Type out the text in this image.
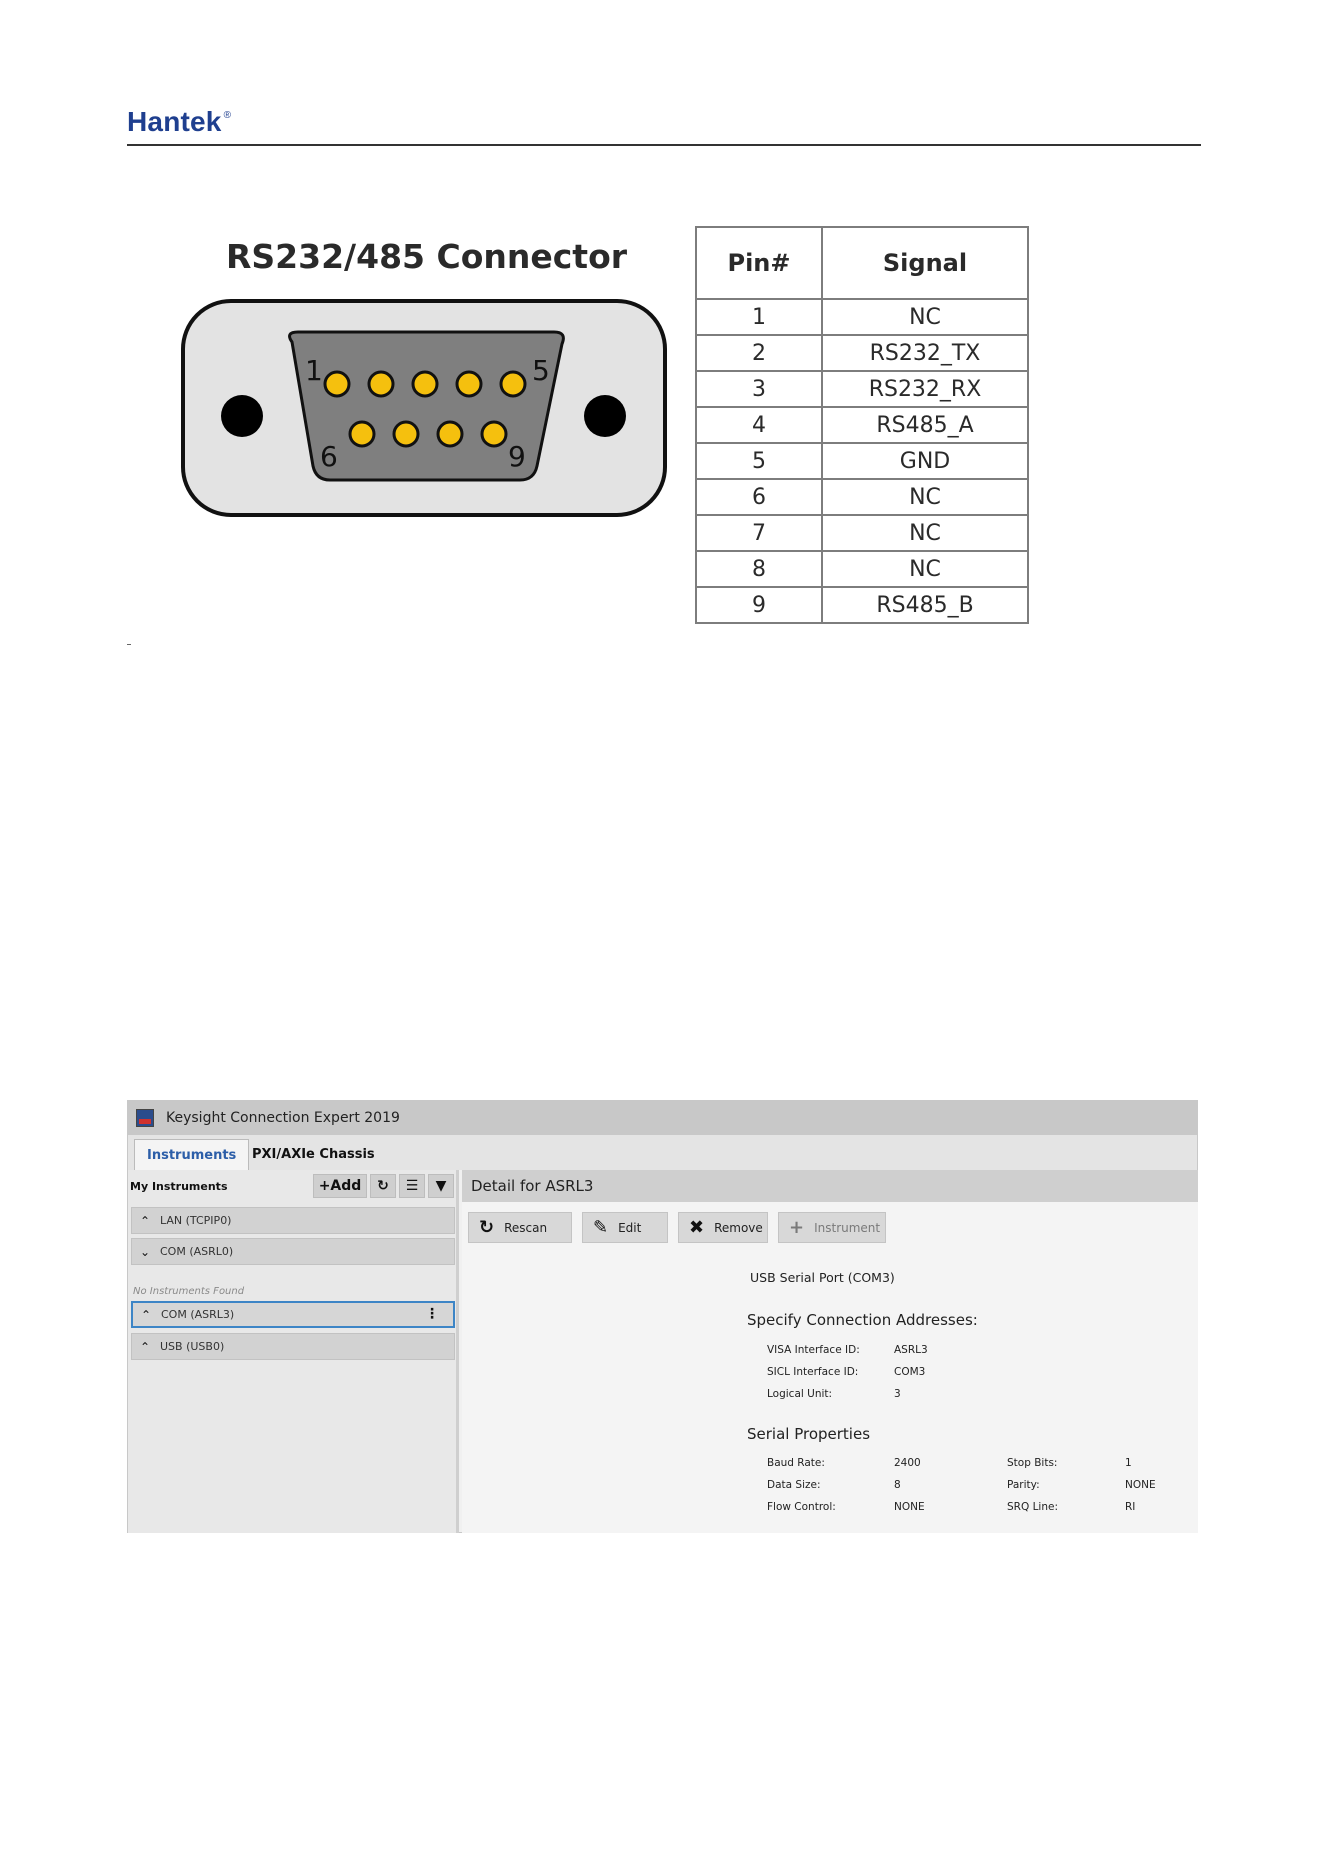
Hantek ®
RS232/485 Connector
1	5
6	9
Pin#	Signal
1	NC
2	RS232_TX
3	RS232_RX
4	RS485_A
5	GND
6	NC
7	NC
8	NC
9	RS485_B
Keysight Connection Expert 2019
Instruments	PXI/AXIe Chassis
My Instruments	+ Add ↻ ☰ ▼
⌃ LAN (TCPIP0)
⌄ COM (ASRL0)
No Instruments Found
⌃ COM (ASRL3)	⋮
⌃ USB (USB0)
Detail for ASRL3
↻ Rescan	✎ Edit	✖ Remove + Instrument
USB Serial Port (COM3)
Specify Connection Addresses:
VISA Interface ID:	ASRL3
SICL Interface ID:	COM3
Logical Unit:	3
Serial Properties
Baud Rate:	2400
Data Size:	8
Flow Control:	NONE
Stop Bits:	1
Parity:	NONE
SRQ Line:	RI
